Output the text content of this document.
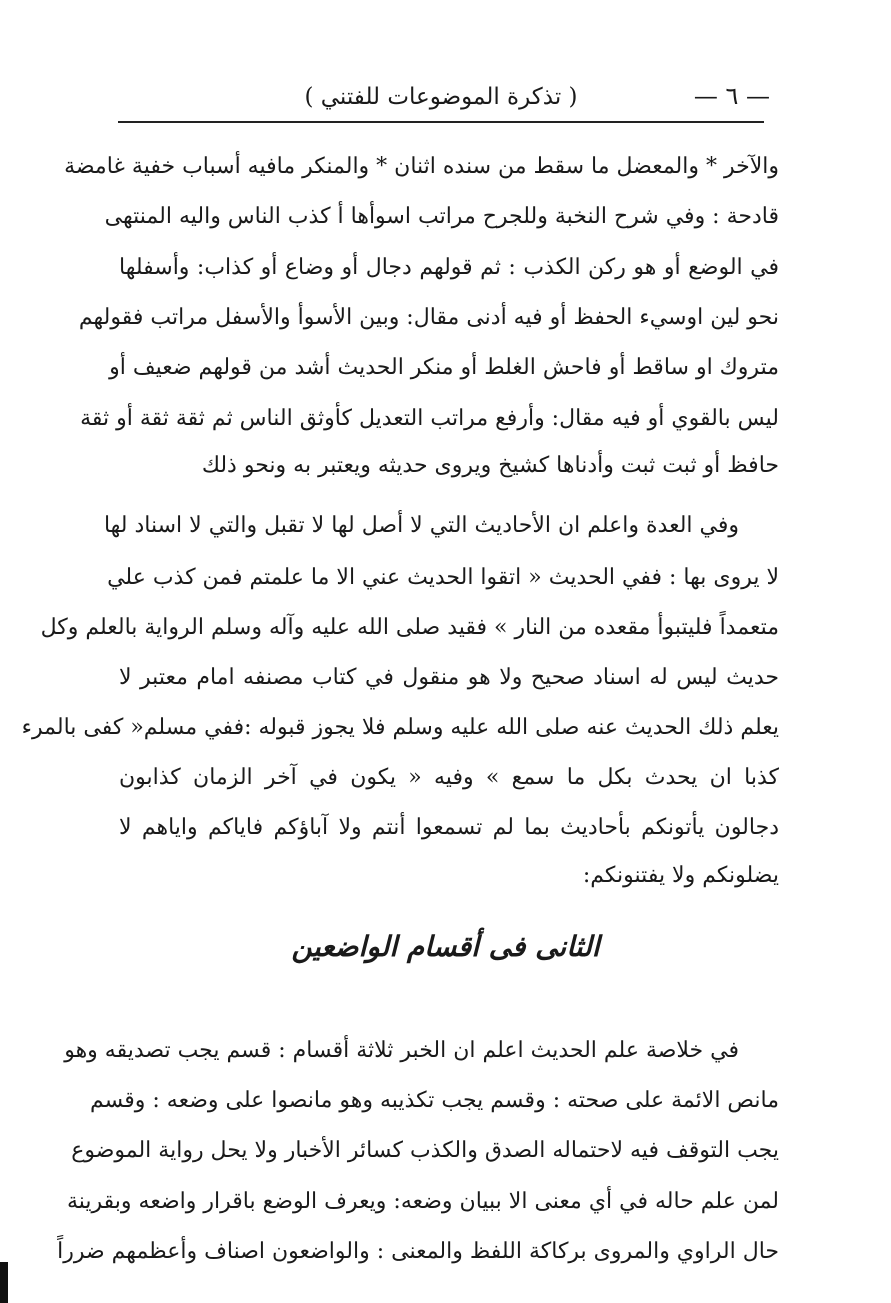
— ٦ —
( تذكرة الموضوعات للفتني )
والآخر * والمعضل ما سقط من سنده اثنان * والمنكر مافيه أسباب خفية غامضة
قادحة : وفي شرح النخبة وللجرح مراتب اسوأها أ كذب الناس واليه المنتهى
في الوضع أو هو ركن الكذب : ثم قولهم دجال أو وضاع أو كذاب: وأسفلها
نحو لين اوسيء الحفظ أو فيه أدنى مقال: وبين الأسوأ والأسفل مراتب فقولهم
متروك او ساقط أو فاحش الغلط أو منكر الحديث أشد من قولهم ضعيف أو
ليس بالقوي أو فيه مقال: وأرفع مراتب التعديل كأوثق الناس ثم ثقة ثقة أو ثقة
حافظ أو ثبت ثبت وأدناها كشيخ ويروى حديثه ويعتبر به ونحو ذلك
وفي العدة واعلم ان الأحاديث التي لا أصل لها لا تقبل والتي لا اسناد لها
لا يروى بها : ففي الحديث « اتقوا الحديث عني الا ما علمتم فمن كذب علي
متعمداً فليتبوأ مقعده من النار » فقيد صلى الله عليه وآله وسلم الرواية بالعلم وكل
حديث ليس له اسناد صحيح ولا هو منقول في كتاب مصنفه امام معتبر لا
يعلم ذلك الحديث عنه صلى الله عليه وسلم فلا يجوز قبوله :ففي مسلم« كفى بالمرء
كذبا ان يحدث بكل ما سمع » وفيه « يكون في آخر الزمان كذابون
دجالون يأتونكم بأحاديث بما لم تسمعوا أنتم ولا آباؤكم فاياكم واياهم لا
يضلونكم ولا يفتنونكم:
الثانى فى أقسام الواضعين
في خلاصة علم الحديث اعلم ان الخبر ثلاثة أقسام : قسم يجب تصديقه وهو
مانص الائمة على صحته : وقسم يجب تكذيبه وهو مانصوا على وضعه : وقسم
يجب التوقف فيه لاحتماله الصدق والكذب كسائر الأخبار ولا يحل رواية الموضوع
لمن علم حاله في أي معنى الا ببيان وضعه: ويعرف الوضع باقرار واضعه وبقرينة
حال الراوي والمروى بركاكة اللفظ والمعنى : والواضعون اصناف وأعظمهم ضرراً
